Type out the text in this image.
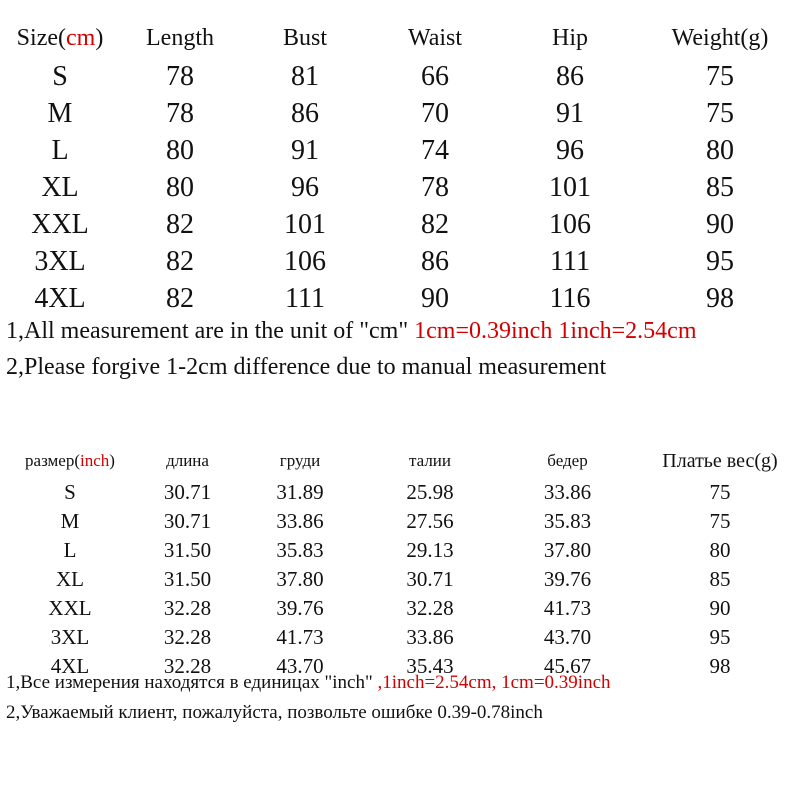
Size(cm)	Length	Bust	Waist	Hip	Weight(g)
S	78	81	66	86	75
M	78	86	70	91	75
L	80	91	74	96	80
XL	80	96	78	101	85
XXL	82	101	82	106	90
3XL	82	106	86	111	95
4XL	82	111	90	116	98
1,All measurement are in the unit of "cm" 1cm=0.39inch 1inch=2.54cm
2,Please forgive 1-2cm difference due to manual measurement
размер(inch)	длина	груди	талии	бедер	Платье вес(g)
S	30.71	31.89	25.98	33.86	75
M	30.71	33.86	27.56	35.83	75
L	31.50	35.83	29.13	37.80	80
XL	31.50	37.80	30.71	39.76	85
XXL	32.28	39.76	32.28	41.73	90
3XL	32.28	41.73	33.86	43.70	95
4XL	32.28	43.70	35.43	45.67	98
1,Все измерения находятся в единицах "inch" ,1inch=2.54cm, 1cm=0.39inch
2,Уважаемый клиент, пожалуйста, позвольте ошибке 0.39-0.78inch
